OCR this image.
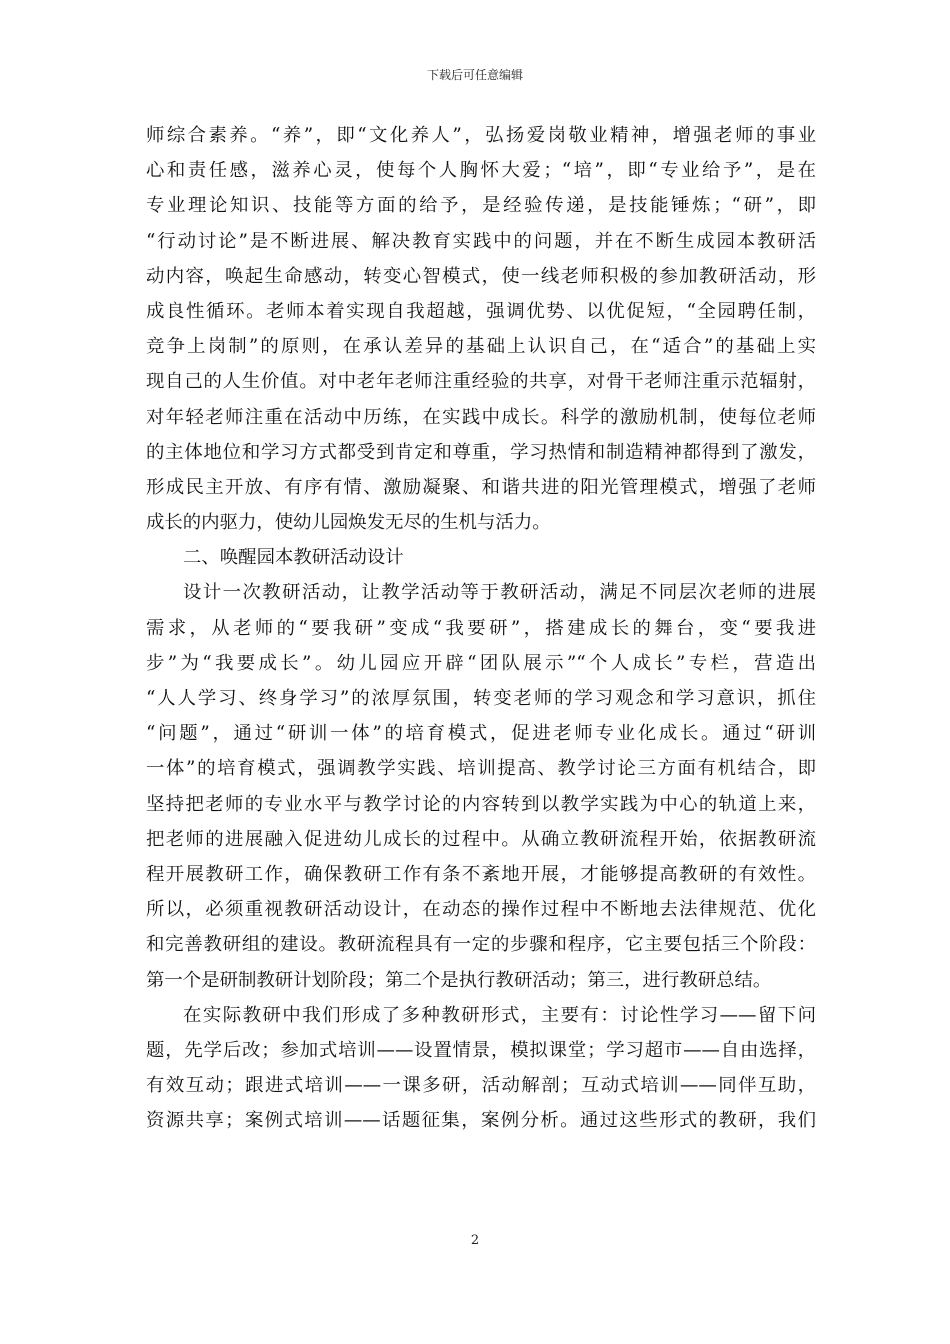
下载后可任意编辑
师综合素养。“养”，即“文化养人”，弘扬爱岗敬业精神，增强老师的事业
心和责任感，滋养心灵，使每个人胸怀大爱；“培”，即“专业给予”，是在
专业理论知识、技能等方面的给予，是经验传递，是技能锤炼；“研”，即
“行动讨论”是不断进展、解决教育实践中的问题，并在不断生成园本教研活
动内容，唤起生命感动，转变心智模式，使一线老师积极的参加教研活动，形
成良性循环。老师本着实现自我超越，强调优势、以优促短，“全园聘任制，
竞争上岗制”的原则，在承认差异的基础上认识自己，在“适合”的基础上实
现自己的人生价值。对中老年老师注重经验的共享，对骨干老师注重示范辐射，
对年轻老师注重在活动中历练，在实践中成长。科学的激励机制，使每位老师
的主体地位和学习方式都受到肯定和尊重，学习热情和制造精神都得到了激发，
形成民主开放、有序有情、激励凝聚、和谐共进的阳光管理模式，增强了老师
成长的内驱力，使幼儿园焕发无尽的生机与活力。
二、唤醒园本教研活动设计
设计一次教研活动，让教学活动等于教研活动，满足不同层次老师的进展
需求，从老师的“要我研”变成“我要研”，搭建成长的舞台，变“要我进
步”为“我要成长”。幼儿园应开辟“团队展示”“个人成长”专栏，营造出
“人人学习、终身学习”的浓厚氛围，转变老师的学习观念和学习意识，抓住
“问题”，通过“研训一体”的培育模式，促进老师专业化成长。通过“研训
一体”的培育模式，强调教学实践、培训提高、教学讨论三方面有机结合，即
坚持把老师的专业水平与教学讨论的内容转到以教学实践为中心的轨道上来，
把老师的进展融入促进幼儿成长的过程中。从确立教研流程开始，依据教研流
程开展教研工作，确保教研工作有条不紊地开展，才能够提高教研的有效性。
所以，必须重视教研活动设计，在动态的操作过程中不断地去法律规范、优化
和完善教研组的建设。教研流程具有一定的步骤和程序，它主要包括三个阶段：
第一个是研制教研计划阶段；第二个是执行教研活动；第三，进行教研总结。
在实际教研中我们形成了多种教研形式，主要有：讨论性学习——留下问
题，先学后改；参加式培训——设置情景，模拟课堂；学习超市——自由选择，
有效互动；跟进式培训——一课多研，活动解剖；互动式培训——同伴互助，
资源共享；案例式培训——话题征集，案例分析。通过这些形式的教研，我们
2
